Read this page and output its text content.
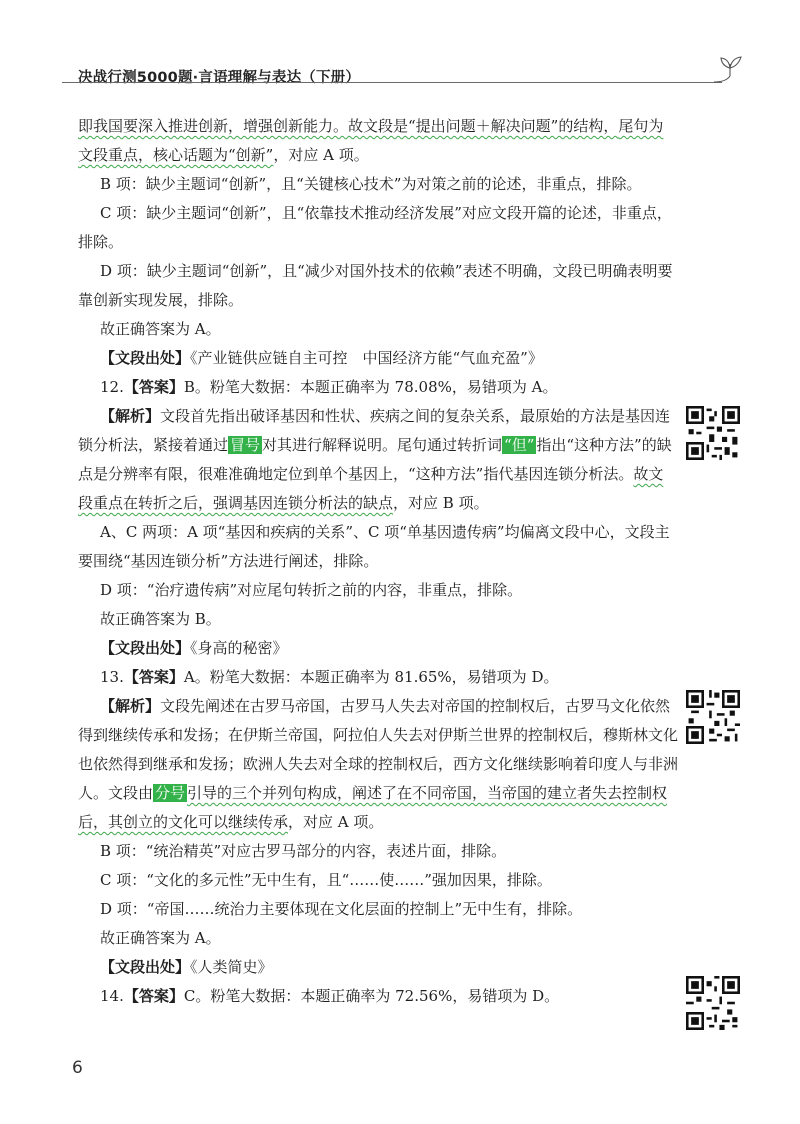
决战行测5000题·言语理解与表达（下册）

即我国要深入推进创新，增强创新能力。故文段是“提出问题＋解决问题”的结构，尾句为文段重点，核心话题为“创新”，对应 A 项。

B 项：缺少主题词“创新”，且“关键核心技术”为对策之前的论述，非重点，排除。

C 项：缺少主题词“创新”，且“依靠技术推动经济发展”对应文段开篇的论述，非重点，排除。

D 项：缺少主题词“创新”，且“减少对国外技术的依赖”表述不明确，文段已明确表明要靠创新实现发展，排除。

故正确答案为 A。

【文段出处】《产业链供应链自主可控　中国经济方能“气血充盈”》

12.【答案】B。粉笔大数据：本题正确率为 78.08%，易错项为 A。

【解析】文段首先指出破译基因和性状、疾病之间的复杂关系，最原始的方法是基因连锁分析法，紧接着通过 冒号 对其进行解释说明。尾句通过转折词 “但” 指出“这种方法”的缺点是分辨率有限，很难准确地定位到单个基因上，“这种方法”指代基因连锁分析法。故文段重点在转折之后，强调基因连锁分析法的缺点，对应 B 项。

A、C 两项：A 项“基因和疾病的关系”、C 项“单基因遗传病”均偏离文段中心，文段主要围绕“基因连锁分析”方法进行阐述，排除。

D 项：“治疗遗传病”对应尾句转折之前的内容，非重点，排除。

故正确答案为 B。

【文段出处】《身高的秘密》

13.【答案】A。粉笔大数据：本题正确率为 81.65%，易错项为 D。

【解析】文段先阐述在古罗马帝国，古罗马人失去对帝国的控制权后，古罗马文化依然得到继续传承和发扬；在伊斯兰帝国，阿拉伯人失去对伊斯兰世界的控制权后，穆斯林文化也依然得到继承和发扬；欧洲人失去对全球的控制权后，西方文化继续影响着印度人与非洲人。文段由 分号 引导的三个并列句构成，阐述了在不同帝国，当帝国的建立者失去控制权后，其创立的文化可以继续传承，对应 A 项。

B 项：“统治精英”对应古罗马部分的内容，表述片面，排除。

C 项：“文化的多元性”无中生有，且“……使……”强加因果，排除。

D 项：“帝国……统治力主要体现在文化层面的控制上”无中生有，排除。

故正确答案为 A。

【文段出处】《人类简史》

14.【答案】C。粉笔大数据：本题正确率为 72.56%，易错项为 D。

6
